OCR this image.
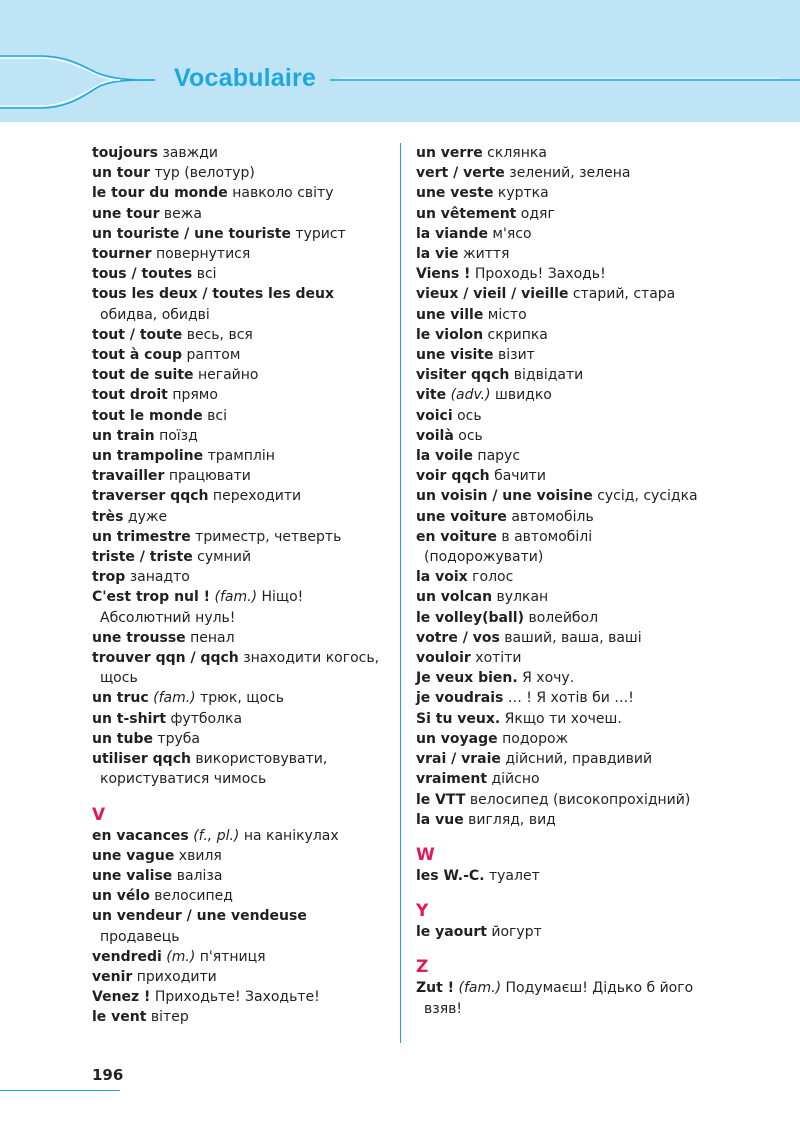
Vocabulaire
toujours завжди
un tour тур (велотур)
le tour du monde навколо світу
une tour вежа
un touriste / une touriste турист
tourner повернутися
tous / toutes всі
tous les deux / toutes les deux
обидва, обидві
tout / toute весь, вся
tout à coup раптом
tout de suite негайно
tout droit прямо
tout le monde всі
un train поїзд
un trampoline трамплін
travailler працювати
traverser qqch переходити
très дуже
un trimestre триместр, четверть
triste / triste сумний
trop занадто
C'est trop nul ! (fam.) Ніщо!
Абсолютний нуль!
une trousse пенал
trouver qqn / qqch знаходити когось,
щось
un truc (fam.) трюк, щось
un t-shirt футболка
un tube труба
utiliser qqch використовувати,
користуватися чимось
V
en vacances (f., pl.) на канікулах
une vague хвиля
une valise валіза
un vélo велосипед
un vendeur / une vendeuse
продавець
vendredi (m.) п'ятниця
venir приходити
Venez ! Приходьте! Заходьте!
le vent вітер
un verre склянка
vert / verte зелений, зелена
une veste куртка
un vêtement одяг
la viande м'ясо
la vie життя
Viens ! Проходь! Заходь!
vieux / vieil / vieille старий, стара
une ville місто
le violon скрипка
une visite візит
visiter qqch відвідати
vite (adv.) швидко
voici ось
voilà ось
la voile парус
voir qqch бачити
un voisin / une voisine сусід, сусідка
une voiture автомобіль
en voiture в автомобілі
(подорожувати)
la voix голос
un volcan вулкан
le volley(ball) волейбол
votre / vos ваший, ваша, ваші
vouloir хотіти
Je veux bien. Я хочу.
je voudrais … ! Я хотів би …!
Si tu veux. Якщо ти хочеш.
un voyage подорож
vrai / vraie дійсний, правдивий
vraiment дійсно
le VTT велосипед (високопрохідний)
la vue вигляд, вид
W
les W.-C. туалет
Y
le yaourt йогурт
Z
Zut ! (fam.) Подумаєш! Дідько б його
взяв!
196
